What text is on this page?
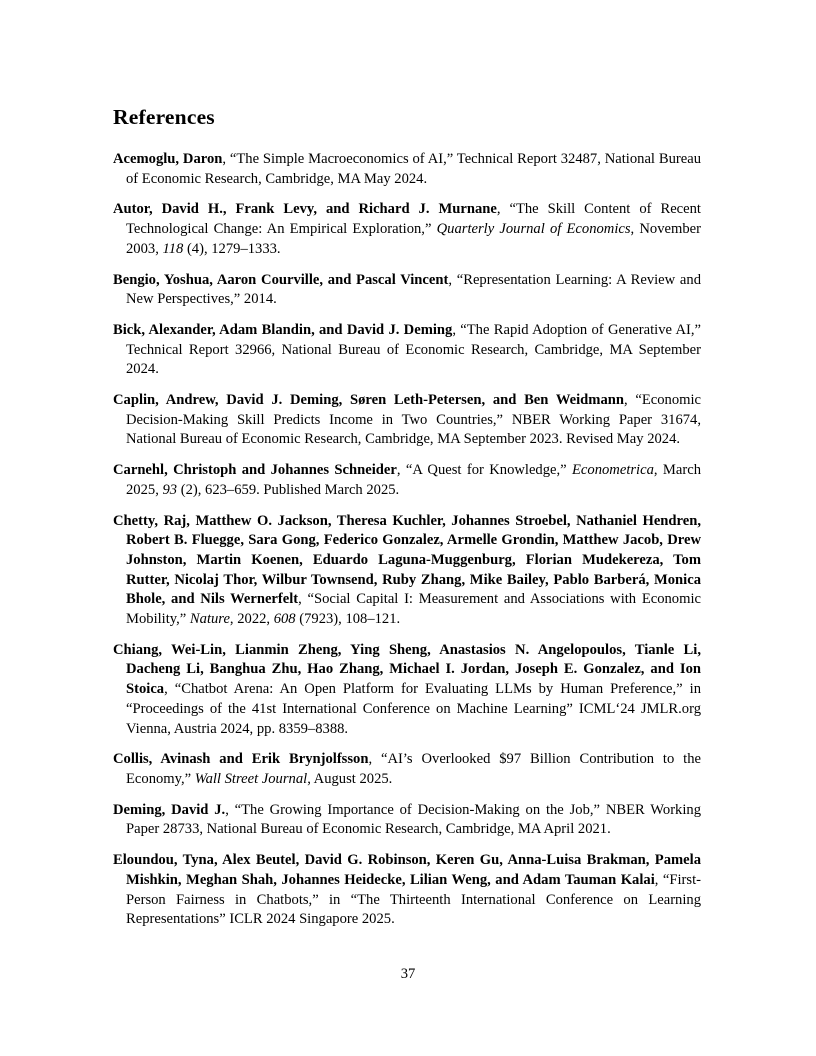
References

Acemoglu, Daron, “The Simple Macroeconomics of AI,” Technical Report 32487, National Bureau of Economic Research, Cambridge, MA May 2024.

Autor, David H., Frank Levy, and Richard J. Murnane, “The Skill Content of Recent Technological Change: An Empirical Exploration,” Quarterly Journal of Economics, November 2003, 118 (4), 1279–1333.

Bengio, Yoshua, Aaron Courville, and Pascal Vincent, “Representation Learning: A Review and New Perspectives,” 2014.

Bick, Alexander, Adam Blandin, and David J. Deming, “The Rapid Adoption of Generative AI,” Technical Report 32966, National Bureau of Economic Research, Cambridge, MA September 2024.

Caplin, Andrew, David J. Deming, Søren Leth-Petersen, and Ben Weidmann, “Economic Decision-Making Skill Predicts Income in Two Countries,” NBER Working Paper 31674, National Bureau of Economic Research, Cambridge, MA September 2023. Revised May 2024.

Carnehl, Christoph and Johannes Schneider, “A Quest for Knowledge,” Econometrica, March 2025, 93 (2), 623–659. Published March 2025.

Chetty, Raj, Matthew O. Jackson, Theresa Kuchler, Johannes Stroebel, Nathaniel Hendren, Robert B. Fluegge, Sara Gong, Federico Gonzalez, Armelle Grondin, Matthew Jacob, Drew Johnston, Martin Koenen, Eduardo Laguna-Muggenburg, Florian Mudekereza, Tom Rutter, Nicolaj Thor, Wilbur Townsend, Ruby Zhang, Mike Bailey, Pablo Barberá, Monica Bhole, and Nils Wernerfelt, “Social Capital I: Measurement and Associations with Economic Mobility,” Nature, 2022, 608 (7923), 108–121.

Chiang, Wei-Lin, Lianmin Zheng, Ying Sheng, Anastasios N. Angelopoulos, Tianle Li, Dacheng Li, Banghua Zhu, Hao Zhang, Michael I. Jordan, Joseph E. Gonzalez, and Ion Stoica, “Chatbot Arena: An Open Platform for Evaluating LLMs by Human Preference,” in “Proceedings of the 41st International Conference on Machine Learning” ICML‘24 JMLR.org Vienna, Austria 2024, pp. 8359–8388.

Collis, Avinash and Erik Brynjolfsson, “AI’s Overlooked $97 Billion Contribution to the Economy,” Wall Street Journal, August 2025.

Deming, David J., “The Growing Importance of Decision-Making on the Job,” NBER Working Paper 28733, National Bureau of Economic Research, Cambridge, MA April 2021.

Eloundou, Tyna, Alex Beutel, David G. Robinson, Keren Gu, Anna-Luisa Brakman, Pamela Mishkin, Meghan Shah, Johannes Heidecke, Lilian Weng, and Adam Tauman Kalai, “First-Person Fairness in Chatbots,” in “The Thirteenth International Conference on Learning Representations” ICLR 2024 Singapore 2025.

37
